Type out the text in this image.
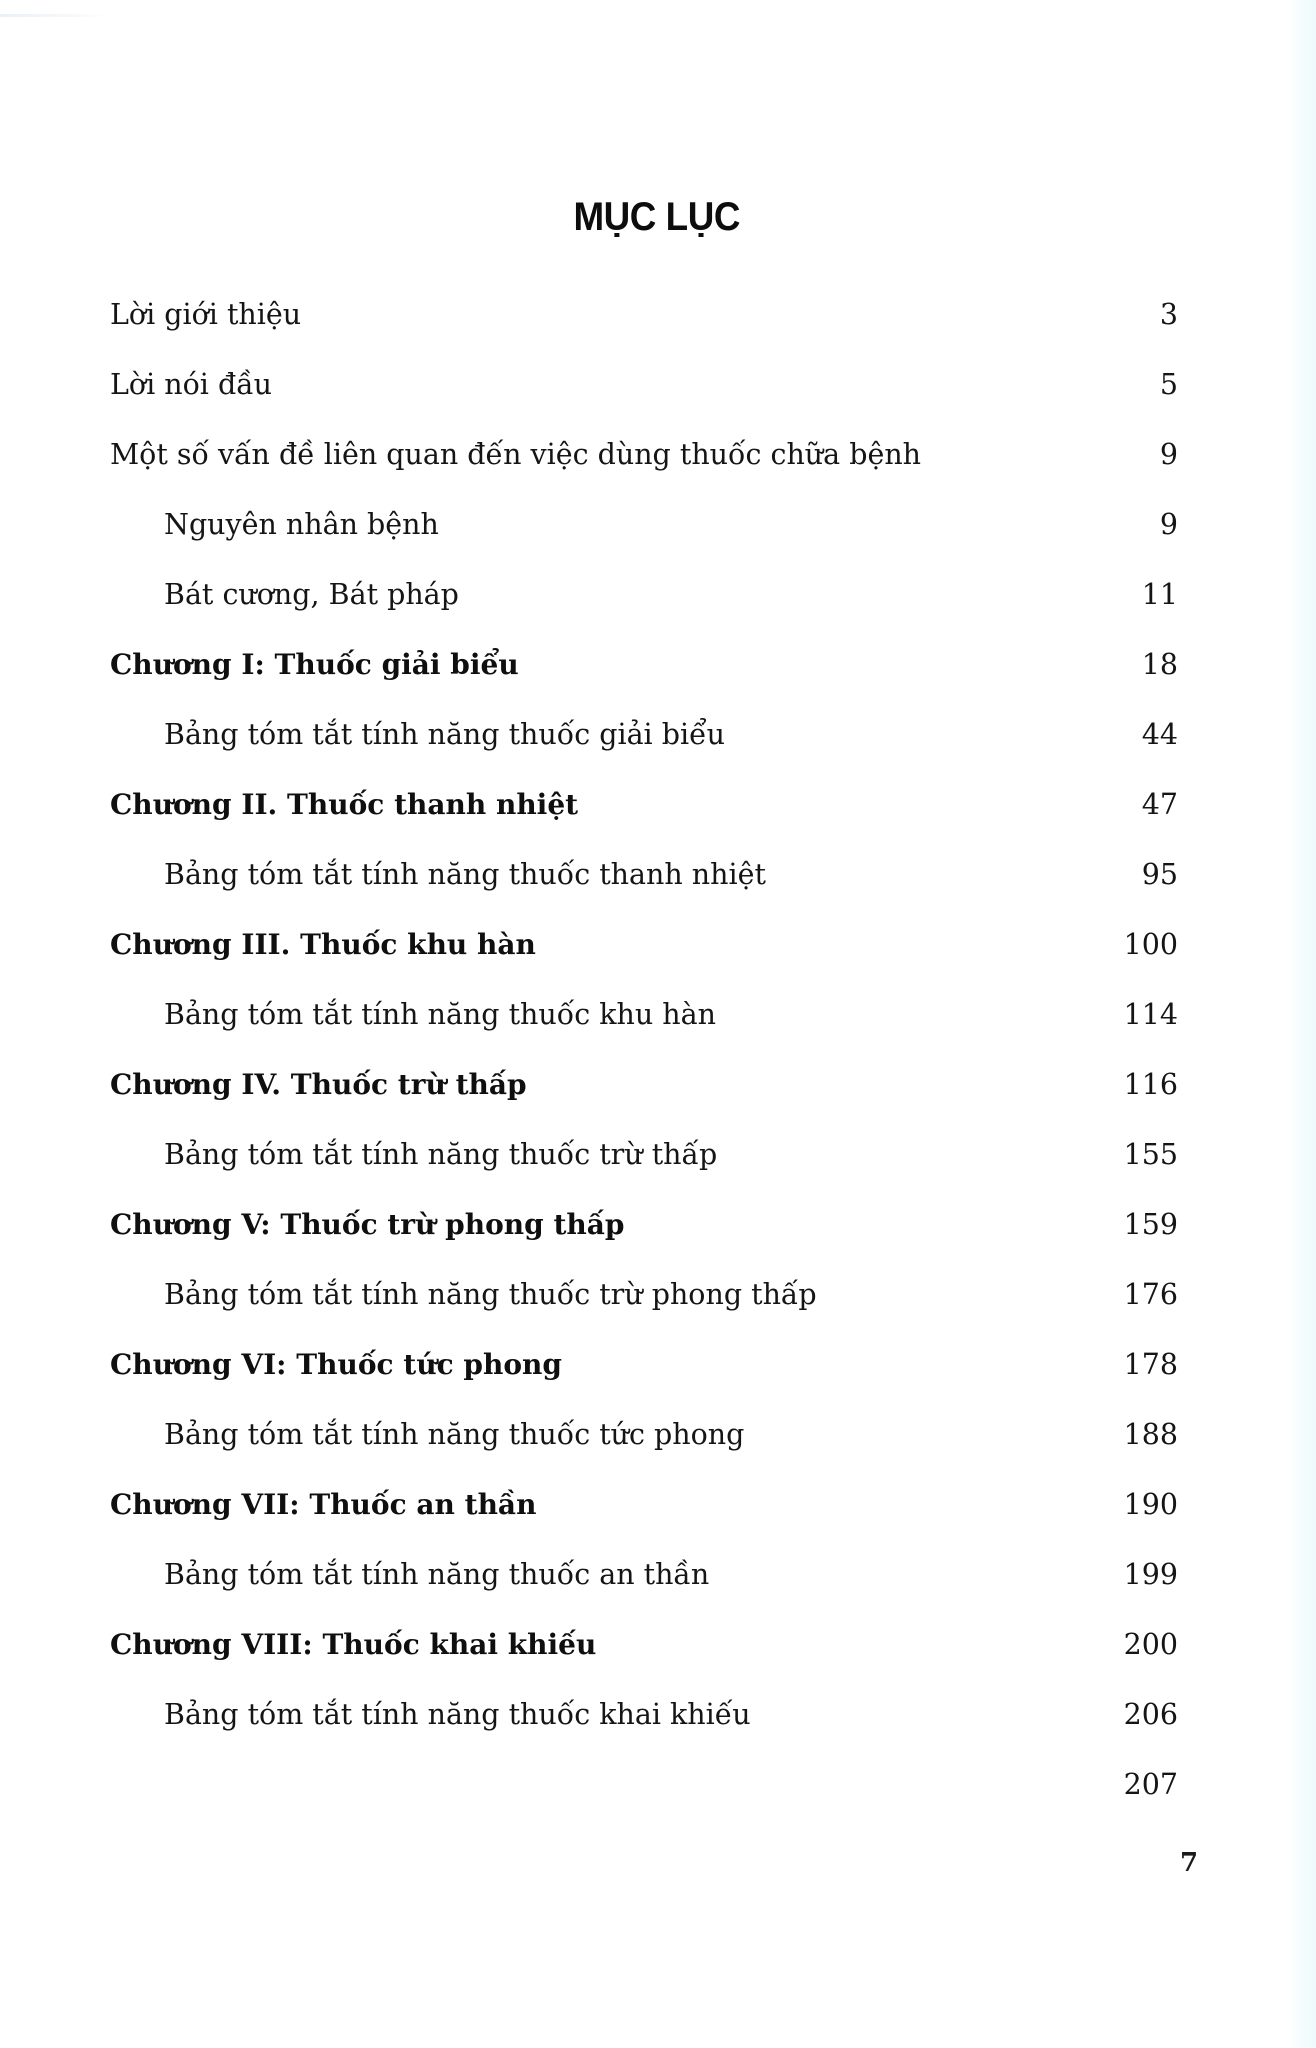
MỤC LỤC
Lời giới thiệu	3
Lời nói đầu	5
Một số vấn đề liên quan đến việc dùng thuốc chữa bệnh	9
Nguyên nhân bệnh	9
Bát cương, Bát pháp	11
Chương I: Thuốc giải biểu	18
Bảng tóm tắt tính năng thuốc giải biểu	44
Chương II. Thuốc thanh nhiệt	47
Bảng tóm tắt tính năng thuốc thanh nhiệt	95
Chương III. Thuốc khu hàn	100
Bảng tóm tắt tính năng thuốc khu hàn	114
Chương IV. Thuốc trừ thấp	116
Bảng tóm tắt tính năng thuốc trừ thấp	155
Chương V: Thuốc trừ phong thấp	159
Bảng tóm tắt tính năng thuốc trừ phong thấp	176
Chương VI: Thuốc tức phong	178
Bảng tóm tắt tính năng thuốc tức phong	188
Chương VII: Thuốc an thần	190
Bảng tóm tắt tính năng thuốc an thần	199
Chương VIII: Thuốc khai khiếu	200
Bảng tóm tắt tính năng thuốc khai khiếu	206
207
7
